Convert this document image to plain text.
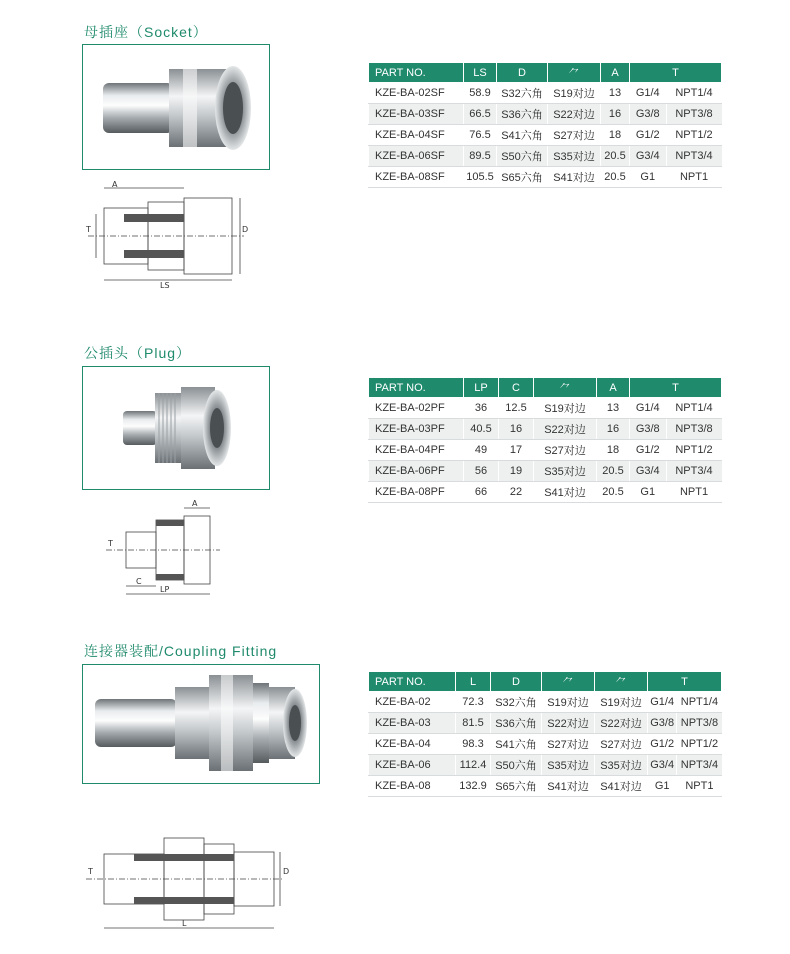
母插座（Socket）
A
T	D
LS
PART NO.	LS	D	⺈	A	T	
KZE-BA-02SF	58.9	S32六角	S19对边	13	G1/4	NPT1/4
KZE-BA-03SF	66.5	S36六角	S22对边	16	G3/8	NPT3/8
KZE-BA-04SF	76.5	S41六角	S27对边	18	G1/2	NPT1/2
KZE-BA-06SF	89.5	S50六角	S35对边	20.5	G3/4	NPT3/4
KZE-BA-08SF	105.5	S65六角	S41对边	20.5	G1	NPT1
公插头（Plug）
A
T
C
LP
PART NO.	LP	C	⺈	A	T	
KZE-BA-02PF	36	12.5	S19对边	13	G1/4	NPT1/4
KZE-BA-03PF	40.5	16	S22对边	16	G3/8	NPT3/8
KZE-BA-04PF	49	17	S27对边	18	G1/2	NPT1/2
KZE-BA-06PF	56	19	S35对边	20.5	G3/4	NPT3/4
KZE-BA-08PF	66	22	S41对边	20.5	G1	NPT1
连接器装配/Coupling Fitting
T	D
L
PART NO.	L	D	⺈	⺈	T	
KZE-BA-02	72.3	S32六角	S19对边	S19对边	G1/4	NPT1/4
KZE-BA-03	81.5	S36六角	S22对边	S22对边	G3/8	NPT3/8
KZE-BA-04	98.3	S41六角	S27对边	S27对边	G1/2	NPT1/2
KZE-BA-06	112.4	S50六角	S35对边	S35对边	G3/4	NPT3/4
KZE-BA-08	132.9	S65六角	S41对边	S41对边	G1	NPT1
